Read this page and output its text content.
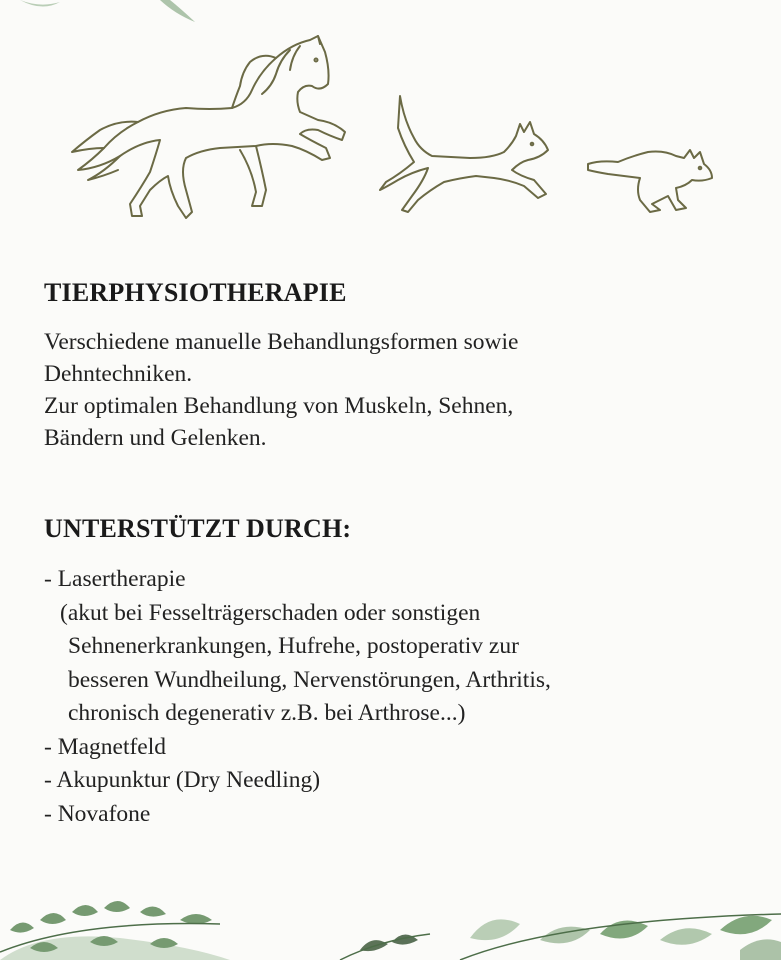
TIERPHYSIOTHERAPIE

Verschiedene manuelle Behandlungsformen sowie
Dehntechniken.
Zur optimalen Behandlung von Muskeln, Sehnen,
Bändern und Gelenken.

UNTERSTÜTZT DURCH:
- Lasertherapie
(akut bei Fesselträgerschaden oder sonstigen
Sehnenerkrankungen, Hufrehe, postoperativ zur
besseren Wundheilung, Nervenstörungen, Arthritis,
chronisch degenerativ z.B. bei Arthrose...)
- Magnetfeld
- Akupunktur (Dry Needling)
- Novafone
